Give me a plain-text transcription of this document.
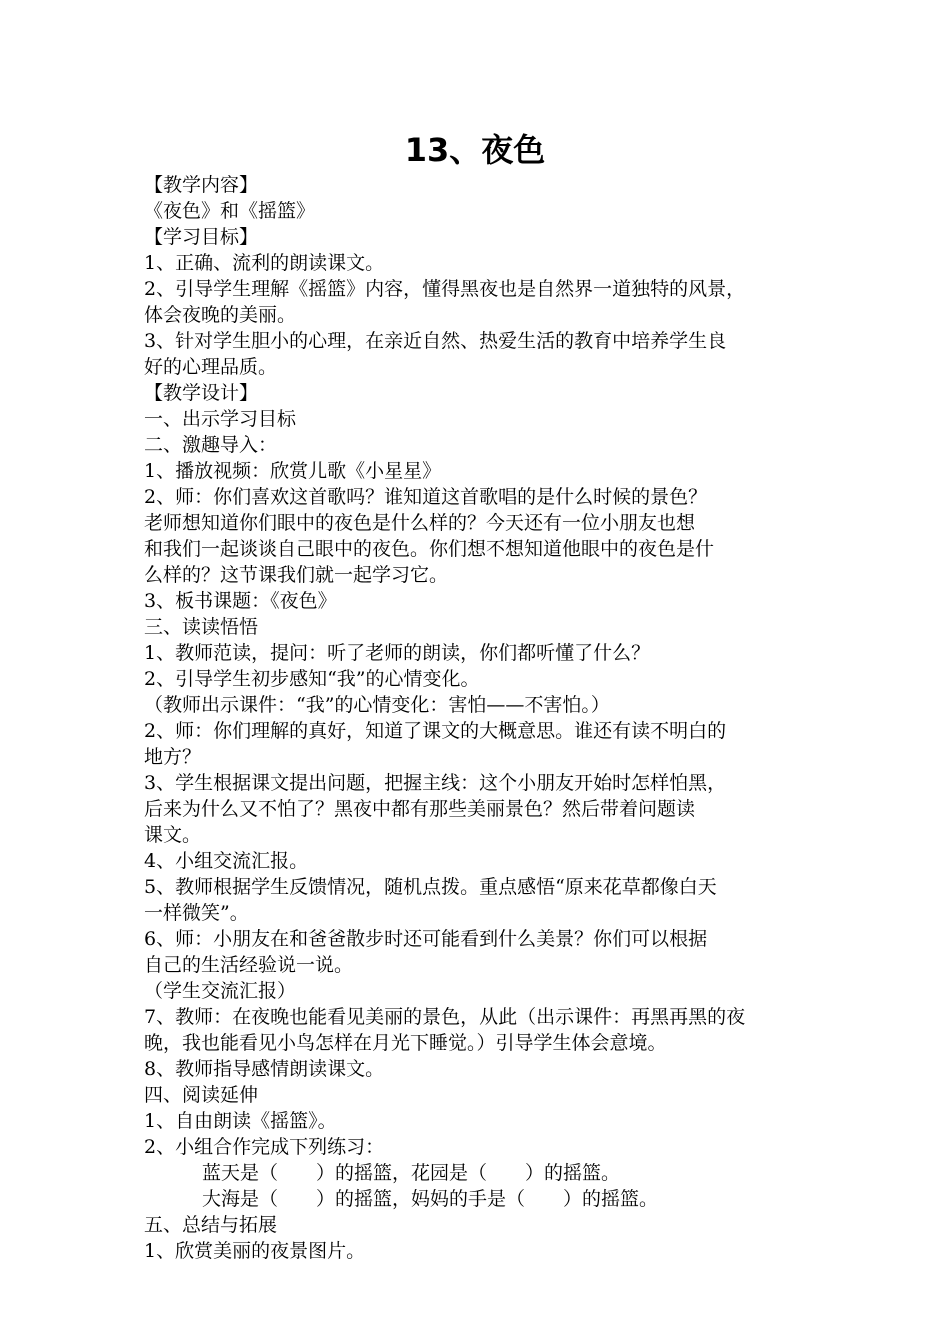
13、夜色
【教学内容】
《夜色》和《摇篮》
【学习目标】
1、正确、流利的朗读课文。
2、引导学生理解《摇篮》内容，懂得黑夜也是自然界一道独特的风景，
体会夜晚的美丽。
3、针对学生胆小的心理，在亲近自然、热爱生活的教育中培养学生良
好的心理品质。
【教学设计】
一、出示学习目标
二、激趣导入：
1、播放视频：欣赏儿歌《小星星》
2、师：你们喜欢这首歌吗？谁知道这首歌唱的是什么时候的景色？
老师想知道你们眼中的夜色是什么样的？今天还有一位小朋友也想
和我们一起谈谈自己眼中的夜色。你们想不想知道他眼中的夜色是什
么样的？这节课我们就一起学习它。
3、板书课题：《夜色》
三、读读悟悟
1、教师范读，提问：听了老师的朗读，你们都听懂了什么？
2、引导学生初步感知“我”的心情变化。
（教师出示课件：“我”的心情变化：害怕——不害怕。）
2、师：你们理解的真好，知道了课文的大概意思。谁还有读不明白的
地方？
3、学生根据课文提出问题，把握主线：这个小朋友开始时怎样怕黑，
后来为什么又不怕了？黑夜中都有那些美丽景色？然后带着问题读
课文。
4、小组交流汇报。
5、教师根据学生反馈情况，随机点拨。重点感悟“原来花草都像白天
一样微笑”。
6、师：小朋友在和爸爸散步时还可能看到什么美景？你们可以根据
自己的生活经验说一说。
（学生交流汇报）
7、教师：在夜晚也能看见美丽的景色，从此（出示课件：再黑再黑的夜
晚，我也能看见小鸟怎样在月光下睡觉。）引导学生体会意境。
8、教师指导感情朗读课文。
四、阅读延伸
1、自由朗读《摇篮》。
2、小组合作完成下列练习：
蓝天是（　　）的摇篮，花园是（　　）的摇篮。
大海是（　　）的摇篮，妈妈的手是（　　）的摇篮。
五、总结与拓展
1、欣赏美丽的夜景图片。
